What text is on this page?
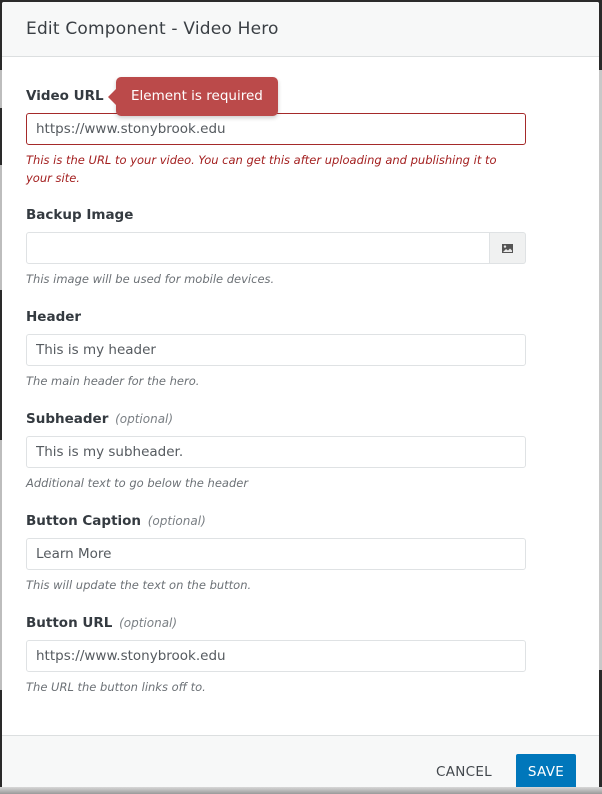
Edit Component - Video Hero
Video URL
https://www.stonybrook.edu
This is the URL to your video. You can get this after uploading and publishing it to your site.
Backup Image
This image will be used for mobile devices.
Header
This is my header
The main header for the hero.
Subheader (optional)
This is my subheader.
Additional text to go below the header
Button Caption (optional)
Learn More
This will update the text on the button.
Button URL (optional)
https://www.stonybrook.edu
The URL the button links off to.
Element is required
CANCEL	SAVE
